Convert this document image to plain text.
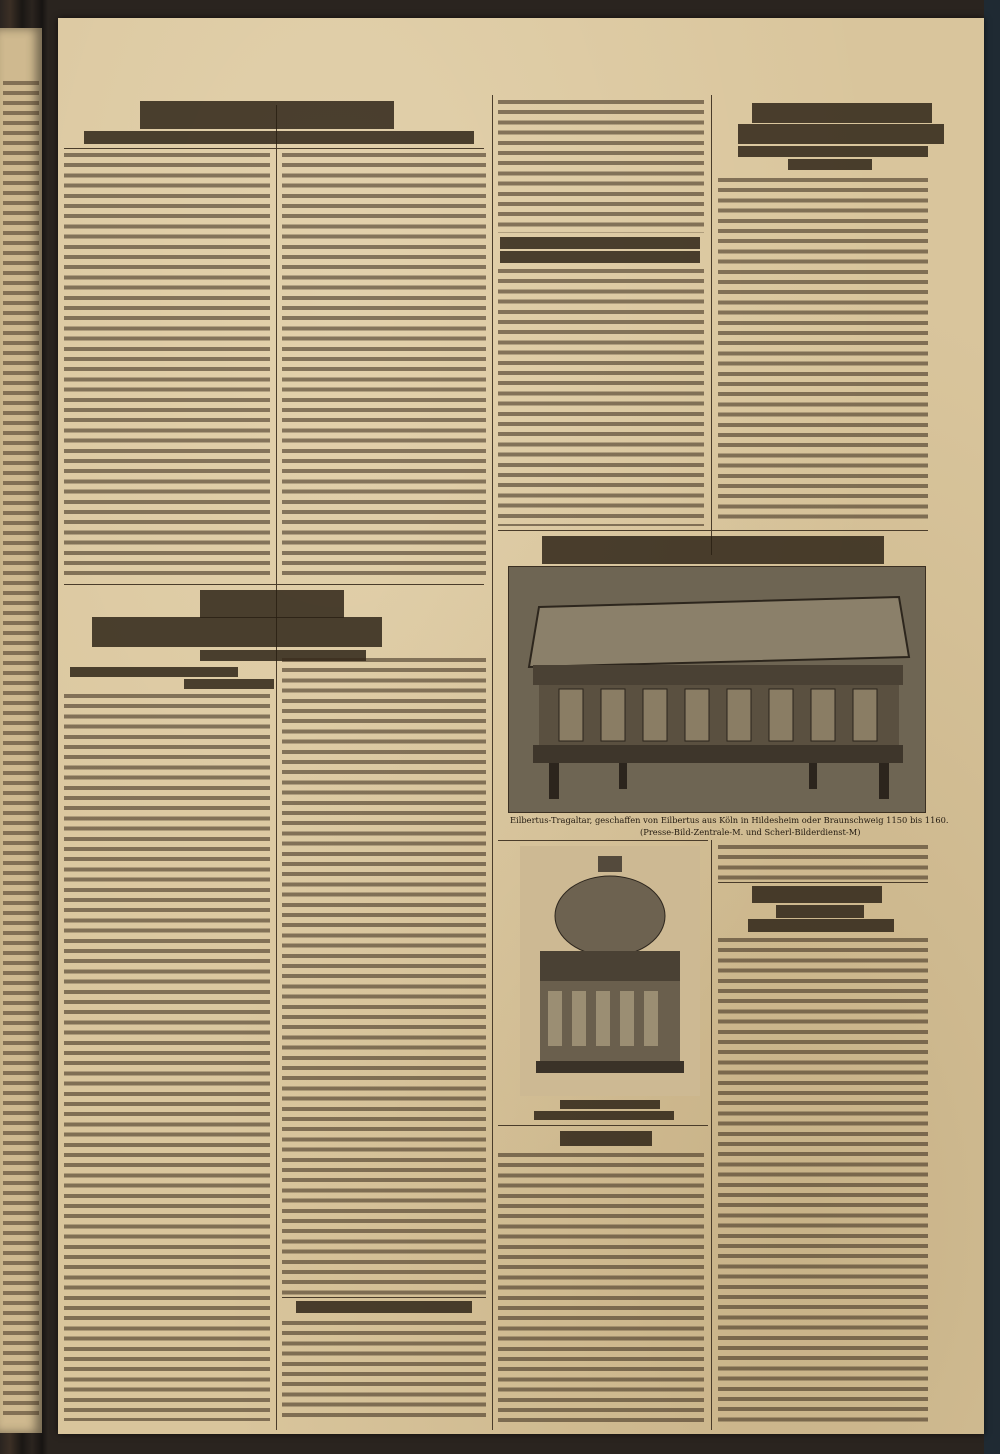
Eilbertus-Tragaltar, geschaffen von Eilbertus aus Köln in Hildesheim oder Braunschweig 1150 bis 1160.

(Presse-Bild-Zentrale-M. und Scherl-Bilderdienst-M)
